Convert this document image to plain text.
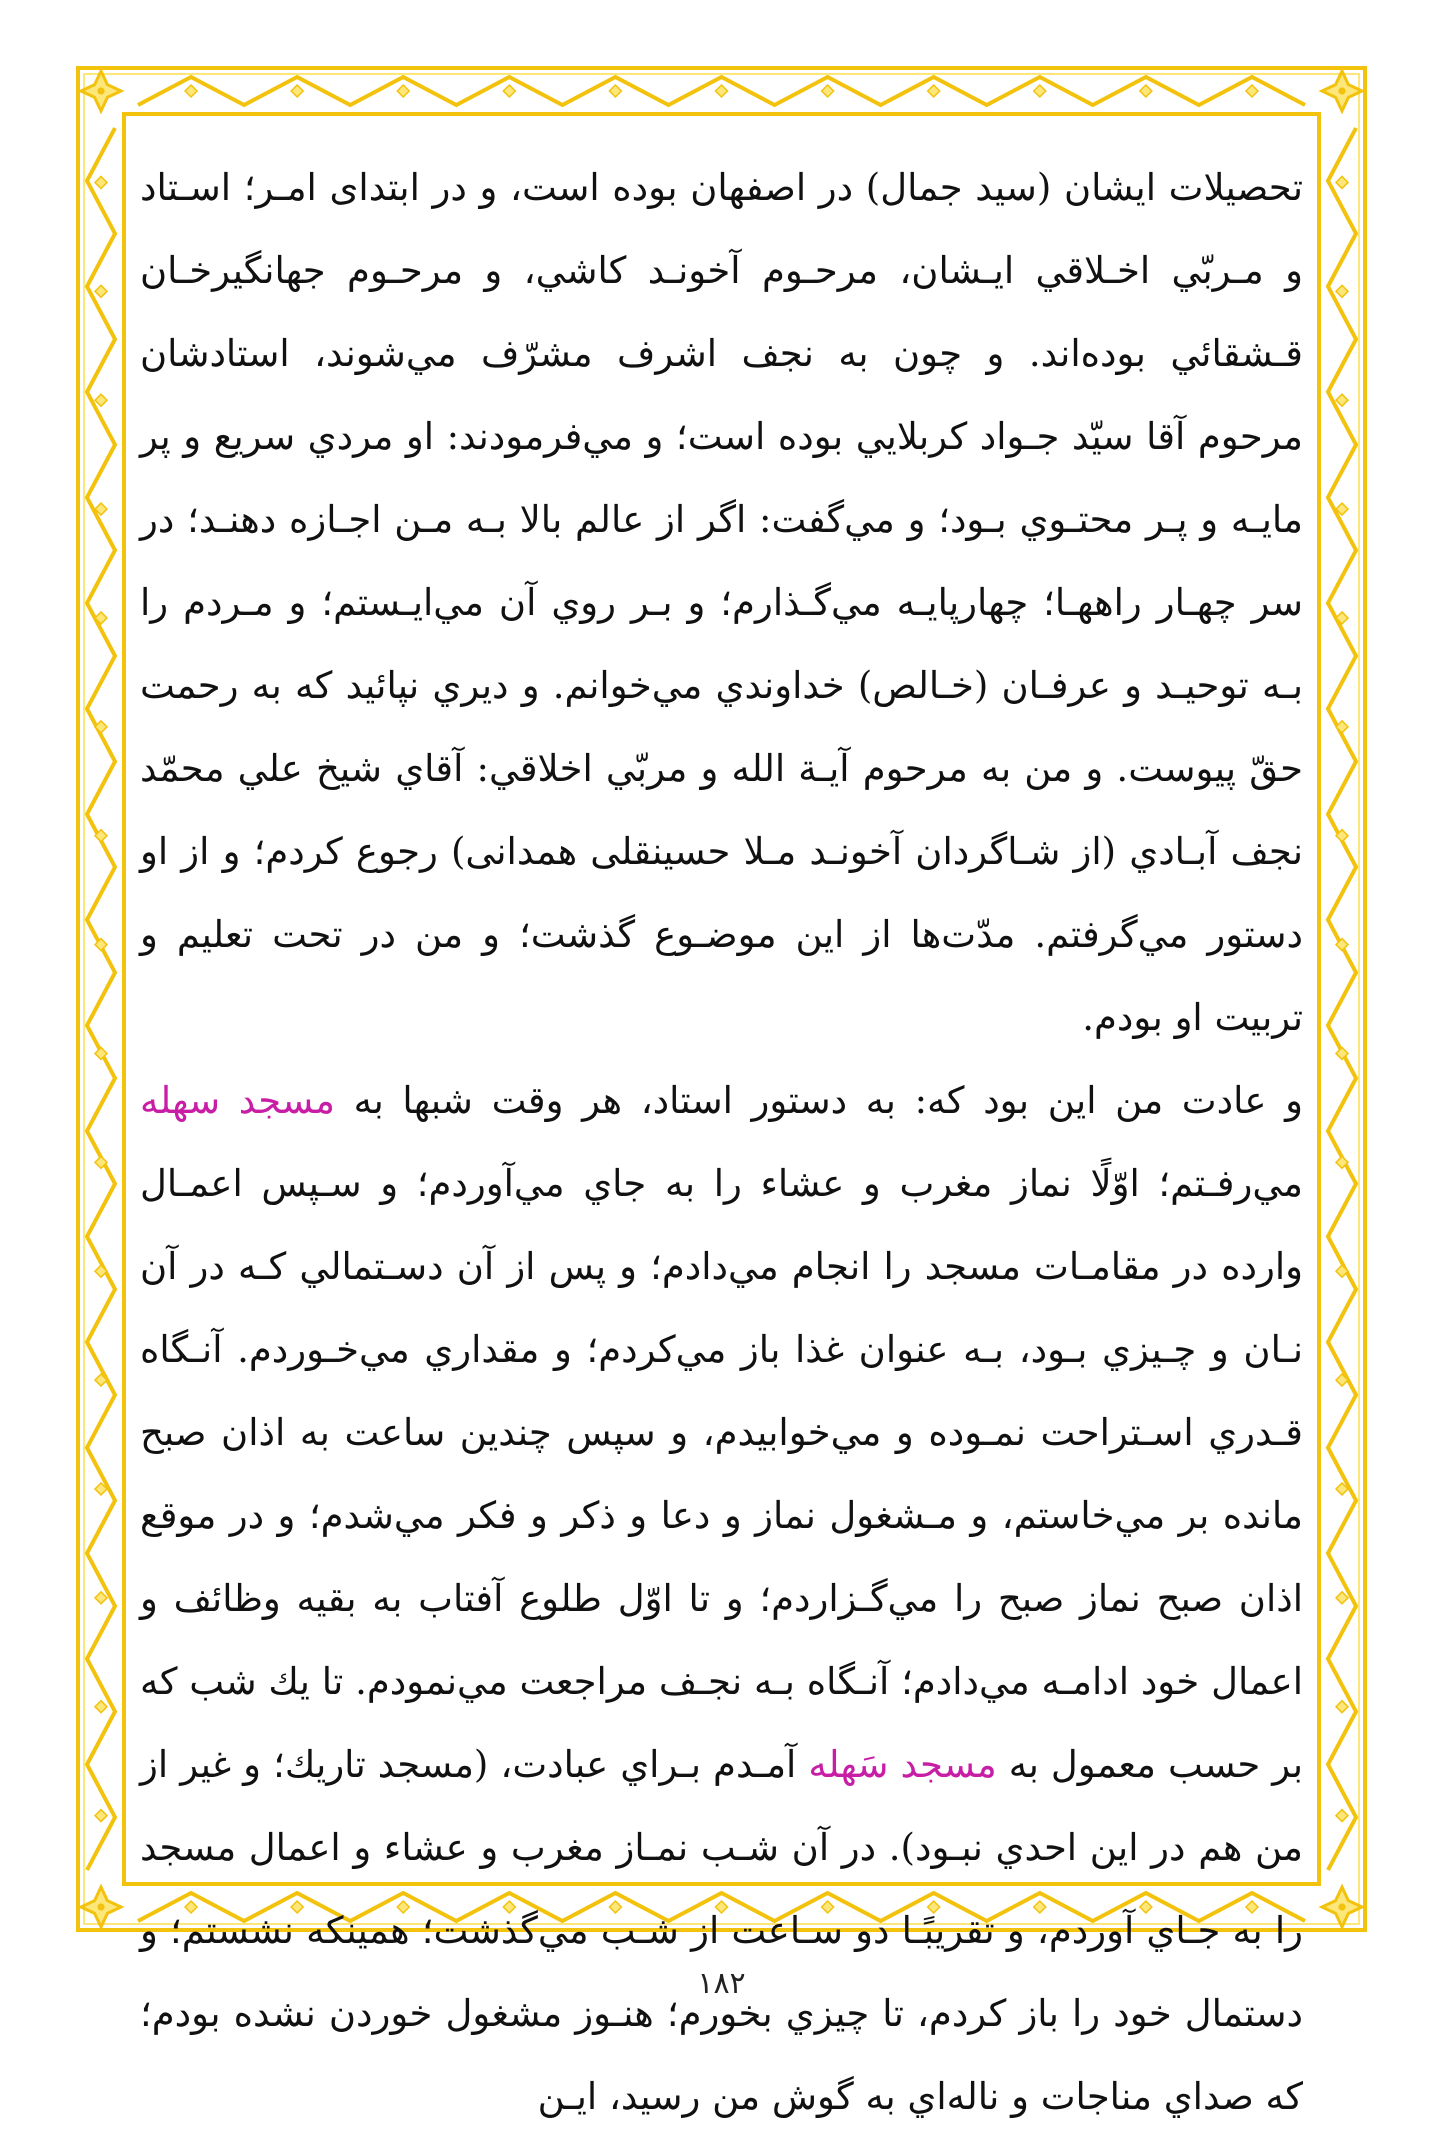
تحصيلات ايشان (سيد جمال) در اصفهان بوده است، و در ابتداى امـر؛ اسـتاد و مـربّي اخـلاقي ايـشان، مرحـوم آخونـد كاشي، و مرحـوم جهانگيرخـان قـشقائي بوده‌اند. و چون به نجف اشرف مشرّف مي‌شوند، استادشان مرحوم آقا سيّد جـواد كربلايي بوده است؛ و مي‌فرمودند: او مردي سريع و پر مايـه و پـر محتـوي بـود؛ و مي‌گفت: اگر از عالم بالا بـه مـن اجـازه دهنـد؛ در سر چهـار راههـا؛ چهارپايـه مي‌گـذارم؛ و بـر روي آن مي‌ايـستم؛ و مـردم را بـه توحيـد و عرفـان (خـالص) خداوندي مي‌خوانم. و ديري نپائيد كه به رحمت حقّ پيوست. و من به مرحوم آيـة الله و مربّي اخلاقي: آقاي شيخ علي محمّد نجف آبـادي (از شـاگردان آخونـد مـلا حسينقلى همدانى) رجوع كردم؛ و از او دستور مي‌گرفتم. مدّت‌ها از اين موضـوع گذشت؛ و من در تحت تعليم و تربيت او بودم.

و عادت من اين بود كه: به دستور استاد، هر وقت شبها به مسجد سهله مي‌رفـتم؛ اوّلًا نماز مغرب و عشاء را به جاي مي‌آوردم؛ و سـپس اعمـال وارده در مقامـات مسجد را انجام مي‌دادم؛ و پس از آن دسـتمالي كـه در آن نـان و چـيزي بـود، بـه عنوان غذا باز مي‌كردم؛ و مقداري مي‌خـوردم. آنـگاه قـدري اسـتراحت نمـوده و مي‌خوابيدم، و سپس چندين ساعت به اذان صبح مانده بر مي‌خاستم، و مـشغول نماز و دعا و ذكر و فكر مي‌شدم؛ و در موقع اذان صبح نماز صبح را مي‌گـزاردم؛ و تا اوّل طلوع آفتاب به بقيه وظائف و اعمال خود ادامـه مي‌دادم؛ آنـگاه بـه نجـف مراجعت مي‌نمودم. تا يك شب كه بر حسب معمول به مسجد سَهله آمـدم بـراي عبادت، (مسجد تاريك؛ و غير از من هم در اين احدي نبـود). در آن شـب نمـاز مغرب و عشاء و اعمال مسجد را به جـاي آوردم، و تقريبًـا دو سـاعت از شـب مي‌گذشت؛ همينكه نشستم؛ و دستمال خود را باز كردم، تا چيزي بخورم؛ هنـوز مشغول خوردن نشده بودم؛ كه صداي مناجات و ناله‌اي به گوش من رسيد، ايـن

۱۸۲
